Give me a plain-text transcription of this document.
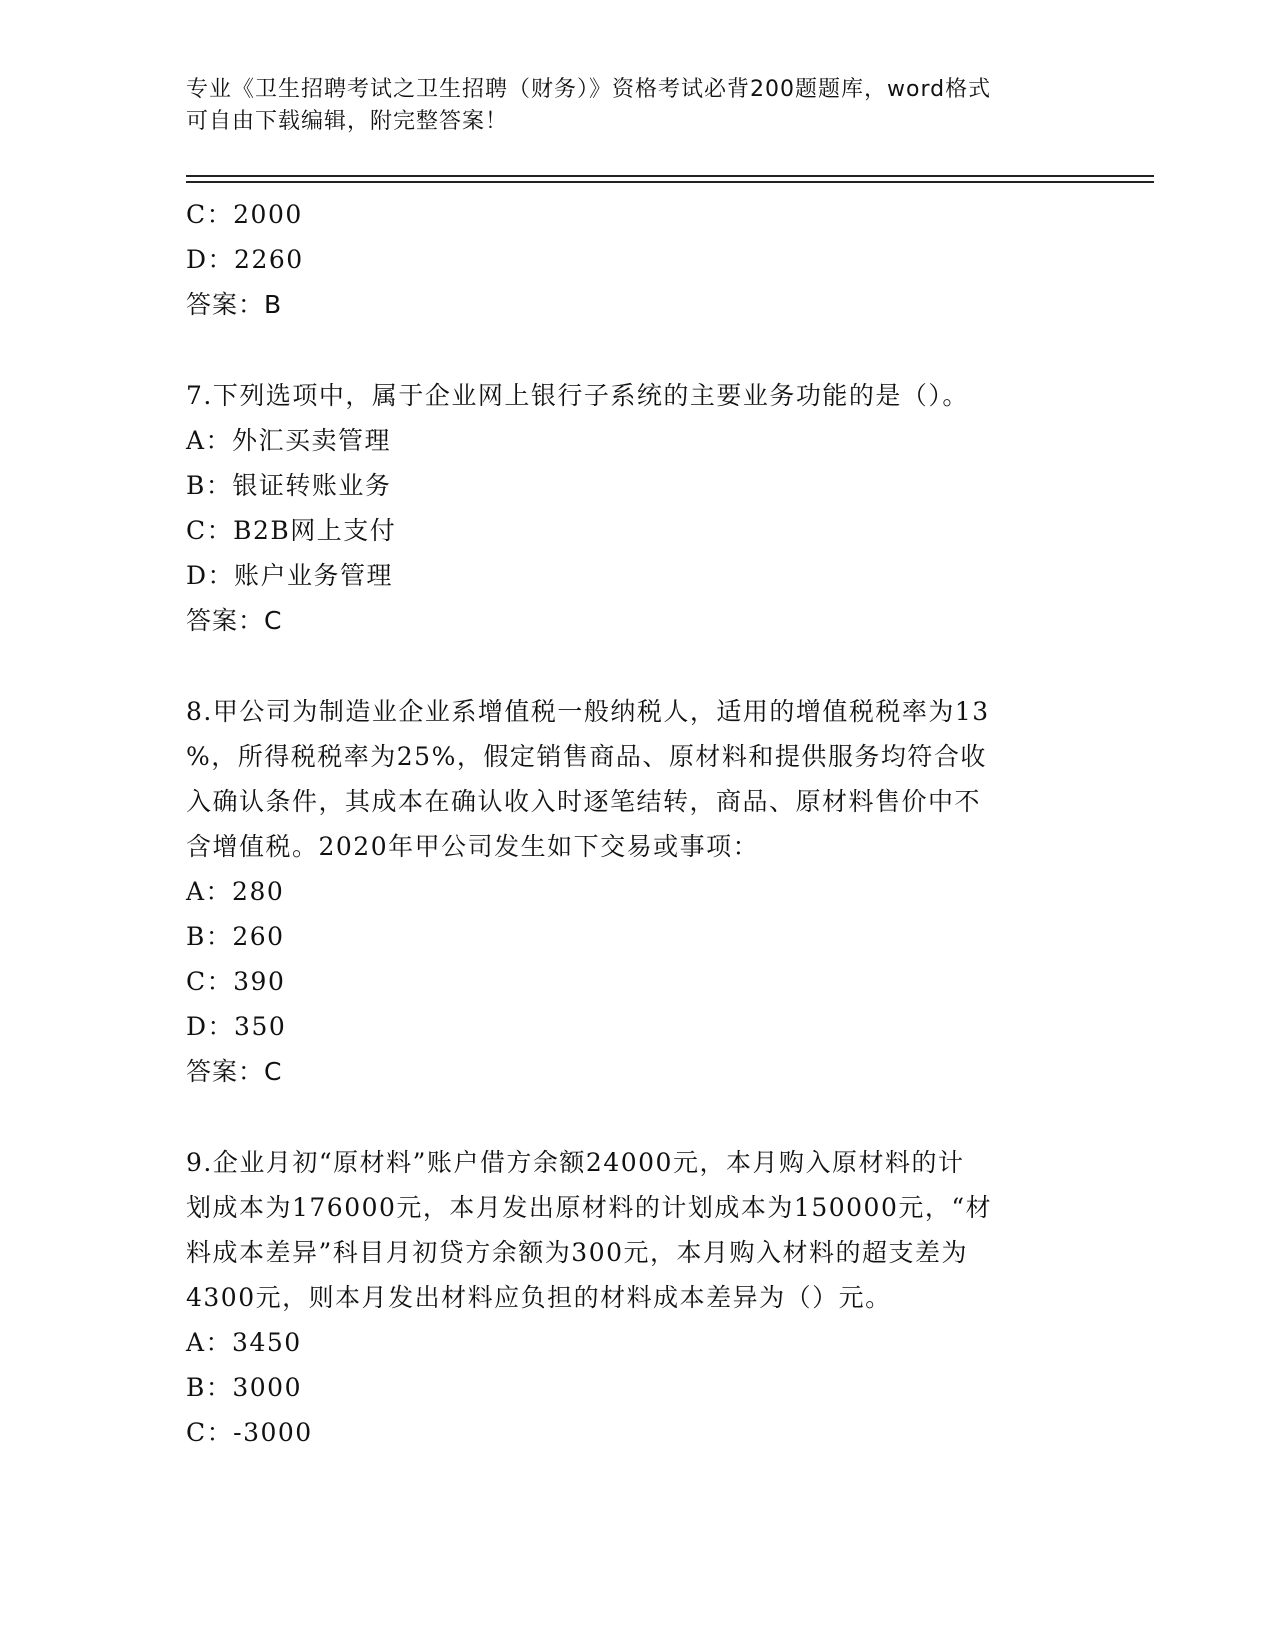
专业《卫生招聘考试之卫生招聘（财务）》资格考试必背200题题库，word格式
可自由下载编辑，附完整答案！
C：2000
D：2260
答案：B
7.下列选项中，属于企业网上银行子系统的主要业务功能的是（）。
A：外汇买卖管理
B：银证转账业务
C：B2B网上支付
D：账户业务管理
答案：C
8.甲公司为制造业企业系增值税一般纳税人，适用的增值税税率为13
%，所得税税率为25%，假定销售商品、原材料和提供服务均符合收
入确认条件，其成本在确认收入时逐笔结转，商品、原材料售价中不
含增值税。2020年甲公司发生如下交易或事项：
A：280
B：260
C：390
D：350
答案：C
9.企业月初“原材料”账户借方余额24000元，本月购入原材料的计
划成本为176000元，本月发出原材料的计划成本为150000元，“材
料成本差异”科目月初贷方余额为300元，本月购入材料的超支差为
4300元，则本月发出材料应负担的材料成本差异为（）元。
A：3450
B：3000
C：-3000
